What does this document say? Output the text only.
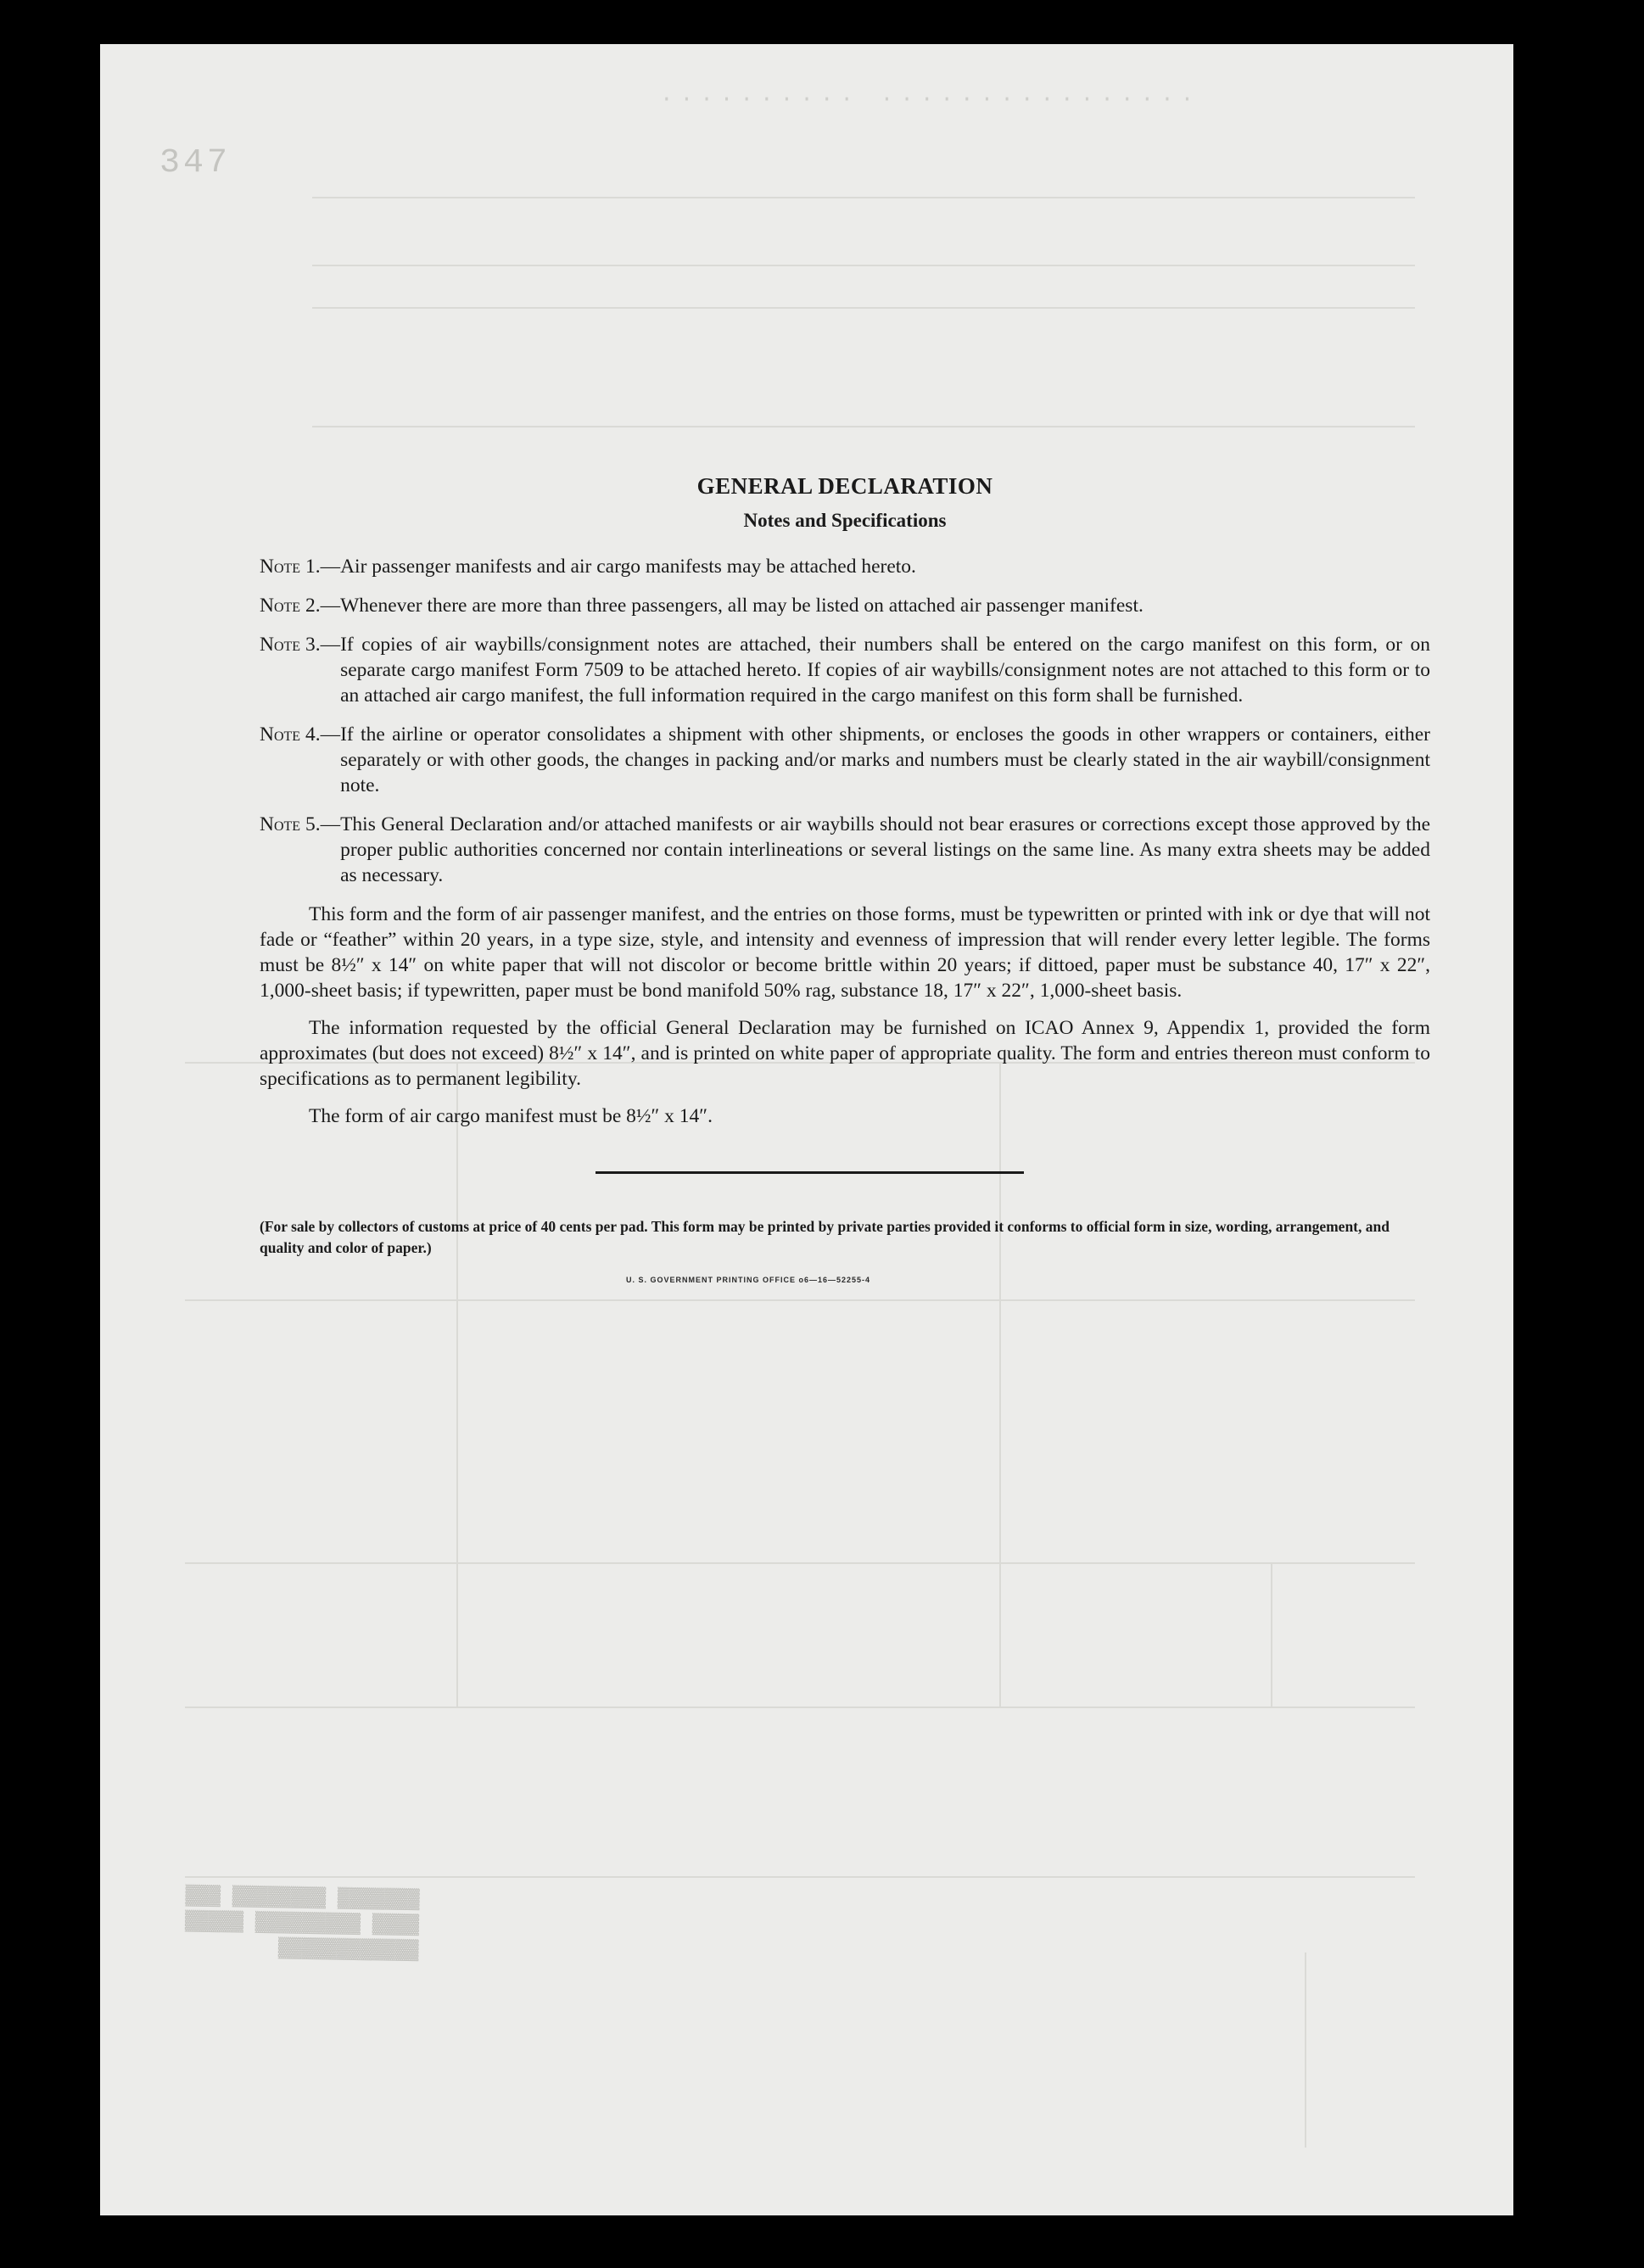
·········· ················
347
▓▓▓▓▓▓▓ ▓▓▓▓▓▓▓▓ ▓▓▓
▓▓▓▓ ▓▓▓▓▓▓▓▓▓ ▓▓▓▓▓
▓▓▓▓▓▓▓▓▓▓▓▓
GENERAL DECLARATION
Notes and Specifications
Note 1.— Air passenger manifests and air cargo manifests may be attached hereto.
Note 2.— Whenever there are more than three passengers, all may be listed on attached air passenger manifest.
Note 3.— If copies of air waybills/consignment notes are attached, their numbers shall be entered on the cargo manifest on this form, or on separate cargo manifest Form 7509 to be attached hereto. If copies of air waybills/consignment notes are not attached to this form or to an attached air cargo manifest, the full information required in the cargo manifest on this form shall be furnished.
Note 4.— If the airline or operator consolidates a shipment with other shipments, or encloses the goods in other wrappers or containers, either separately or with other goods, the changes in packing and/or marks and numbers must be clearly stated in the air waybill/consignment note.
Note 5.— This General Declaration and/or attached manifests or air waybills should not bear erasures or corrections except those approved by the proper public authorities concerned nor contain interlineations or several listings on the same line. As many extra sheets may be added as necessary.

This form and the form of air passenger manifest, and the entries on those forms, must be typewritten or printed with ink or dye that will not fade or “feather” within 20 years, in a type size, style, and intensity and evenness of impression that will render every letter legible. The forms must be 8½″ x 14″ on white paper that will not discolor or become brittle within 20 years; if dittoed, paper must be substance 40, 17″ x 22″, 1,000-sheet basis; if typewritten, paper must be bond manifold 50% rag, substance 18, 17″ x 22″, 1,000-sheet basis.

The information requested by the official General Declaration may be furnished on ICAO Annex 9, Appendix 1, provided the form approximates (but does not exceed) 8½″ x 14″, and is printed on white paper of appropriate quality. The form and entries thereon must conform to specifications as to permanent legibility.

The form of air cargo manifest must be 8½″ x 14″.

(For sale by collectors of customs at price of 40 cents per pad. This form may be printed by private parties provided it conforms to official form in size, wording, arrangement, and quality and color of paper.)
U. S. GOVERNMENT PRINTING OFFICE o6—16—52255-4
